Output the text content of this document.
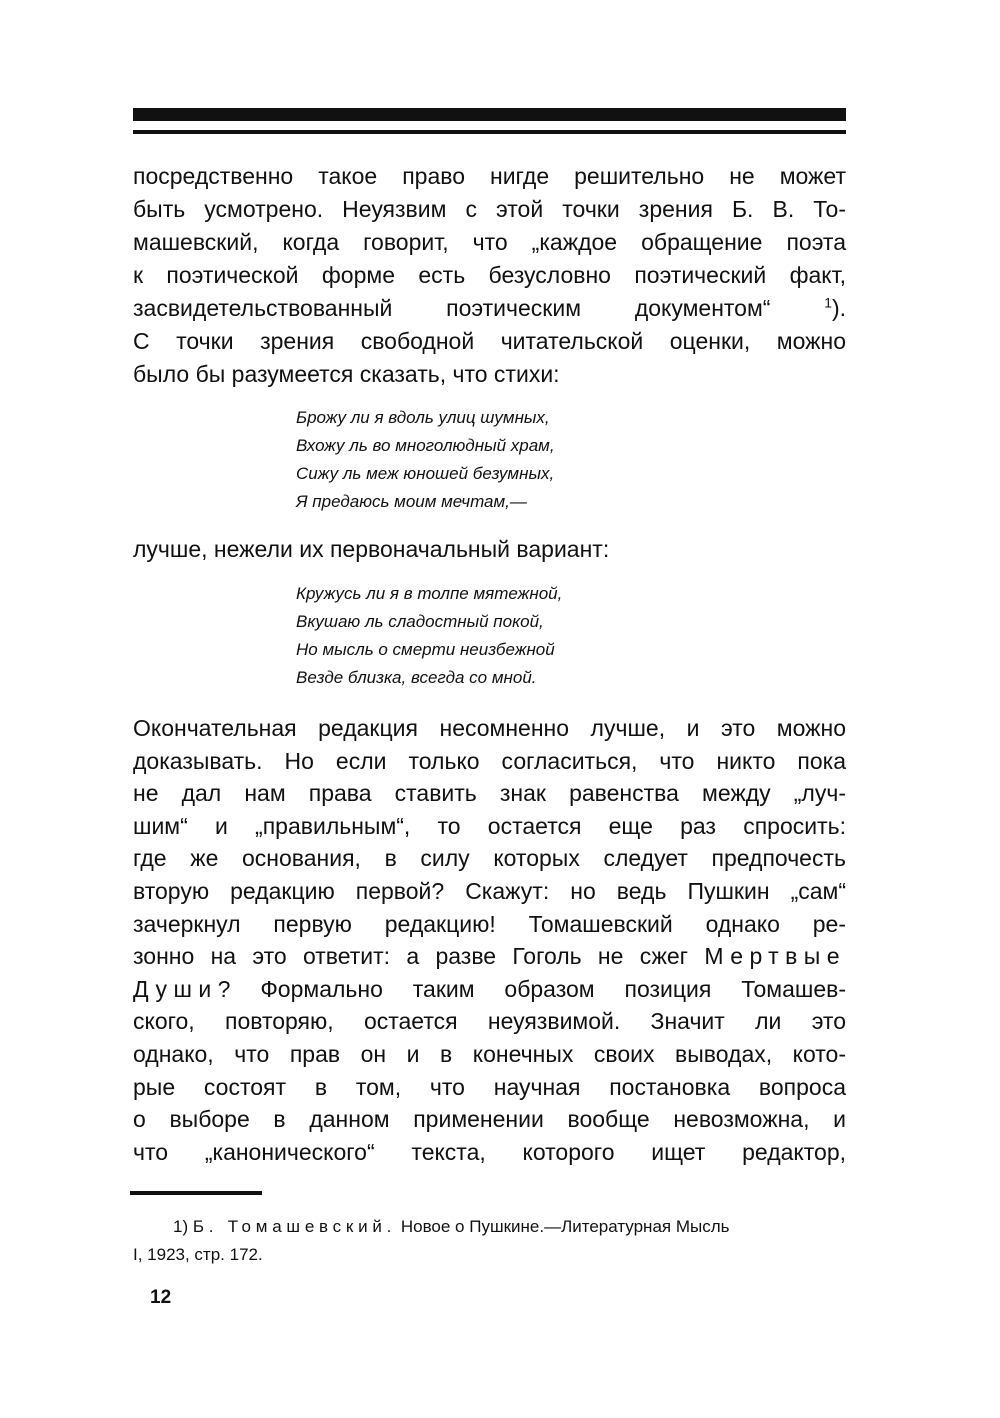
посредственно такое право нигде решительно не может
быть усмотрено. Неуязвим с этой точки зрения Б. В. То-
машевский, когда говорит, что „каждое обращение поэта
к поэтической форме есть безусловно поэтический факт,
засвидетельствованный поэтическим документом“	$^1$).
С точки зрения свободной читательской оценки, можно
было бы разумеется сказать, что стихи:
Брожу ли я вдоль улиц шумных,
Вхожу ль во многолюдный храм,
Сижу ль меж юношей безумных,
Я предаюсь моим мечтам,—
лучше, нежели их первоначальный вариант:
Кружусь ли я в толпе мятежной,
Вкушаю ль сладостный покой,
Но мысль о смерти неизбежной
Везде близка, всегда со мной.
Окончательная редакция несомненно лучше, и это можно
доказывать. Но если только согласиться, что никто пока
не дал нам права ставить знак равенства между „луч-
шим“ и „правильным“, то остается еще раз спросить:
где же основания, в силу которых следует предпочесть
вторую редакцию первой? Скажут: но ведь Пушкин „сам“
зачеркнул первую редакцию! Томашевский однако ре-
зонно на это ответит: а разве Гоголь не сжег Мертвые
Души? Формально таким образом позиция Томашев-
ского, повторяю, остается неуязвимой. Значит ли это
однако, что прав он и в конечных своих выводах, кото-
рые состоят в том, что научная постановка вопроса
о выборе в данном применении вообще невозможна, и
что „канонического“ текста, которого ищет редактор,
1) Б. Томашевский. Новое о Пушкине.—Литературная Мысль
I, 1923, стр. 172.
12
